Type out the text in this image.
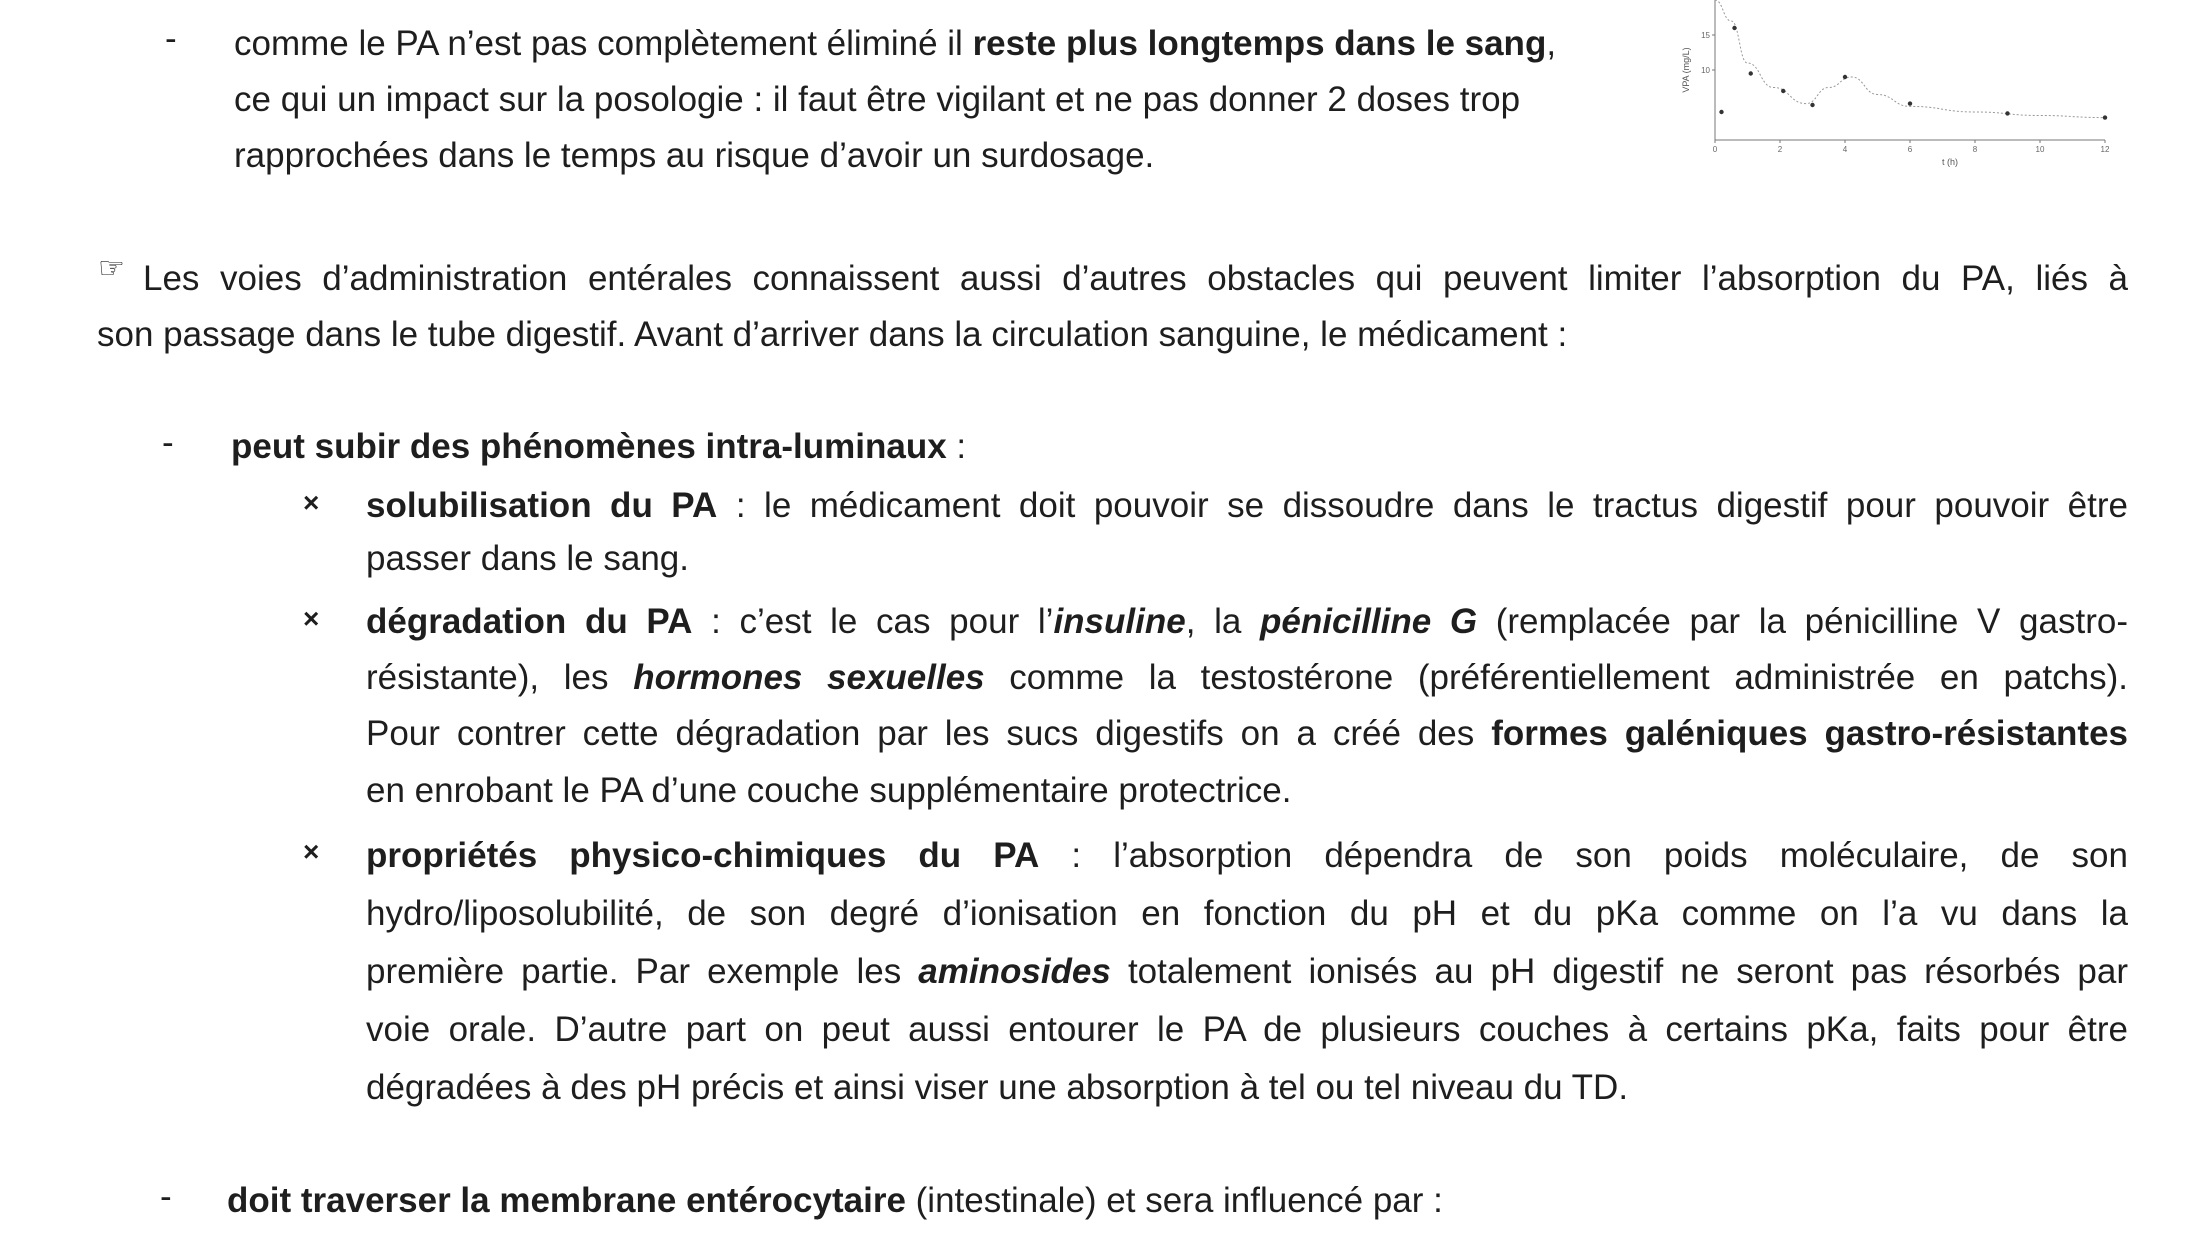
0	2	4	6	8	10	12
10
15
t (h)
VPA (mg/L)
- comme le PA n’est pas complètement éliminé il reste plus longtemps dans le sang,
ce qui un impact sur la posologie : il faut être vigilant et ne pas donner 2 doses trop
rapprochées dans le temps au risque d’avoir un surdosage.
☞ Les voies d’administration entérales connaissent aussi d’autres obstacles qui peuvent limiter l’absorption du PA, liés à
son passage dans le tube digestif. Avant d’arriver dans la circulation sanguine, le médicament :
- peut subir des phénomènes intra-luminaux :
× solubilisation du PA : le médicament doit pouvoir se dissoudre dans le tractus digestif pour pouvoir être
passer dans le sang.
× dégradation du PA : c’est le cas pour l’insuline, la pénicilline G (remplacée par la pénicilline V gastro-
résistante), les hormones sexuelles comme la testostérone (préférentiellement administrée en patchs).
Pour contrer cette dégradation par les sucs digestifs on a créé des formes galéniques gastro-résistantes
en enrobant le PA d’une couche supplémentaire protectrice.
× propriétés physico-chimiques du PA : l’absorption dépendra de son poids moléculaire, de son
hydro/liposolubilité, de son degré d’ionisation en fonction du pH et du pKa comme on l’a vu dans la
première partie. Par exemple les aminosides totalement ionisés au pH digestif ne seront pas résorbés par
voie orale. D’autre part on peut aussi entourer le PA de plusieurs couches à certains pKa, faits pour être
dégradées à des pH précis et ainsi viser une absorption à tel ou tel niveau du TD.
- doit traverser la membrane entérocytaire (intestinale) et sera influencé par :
